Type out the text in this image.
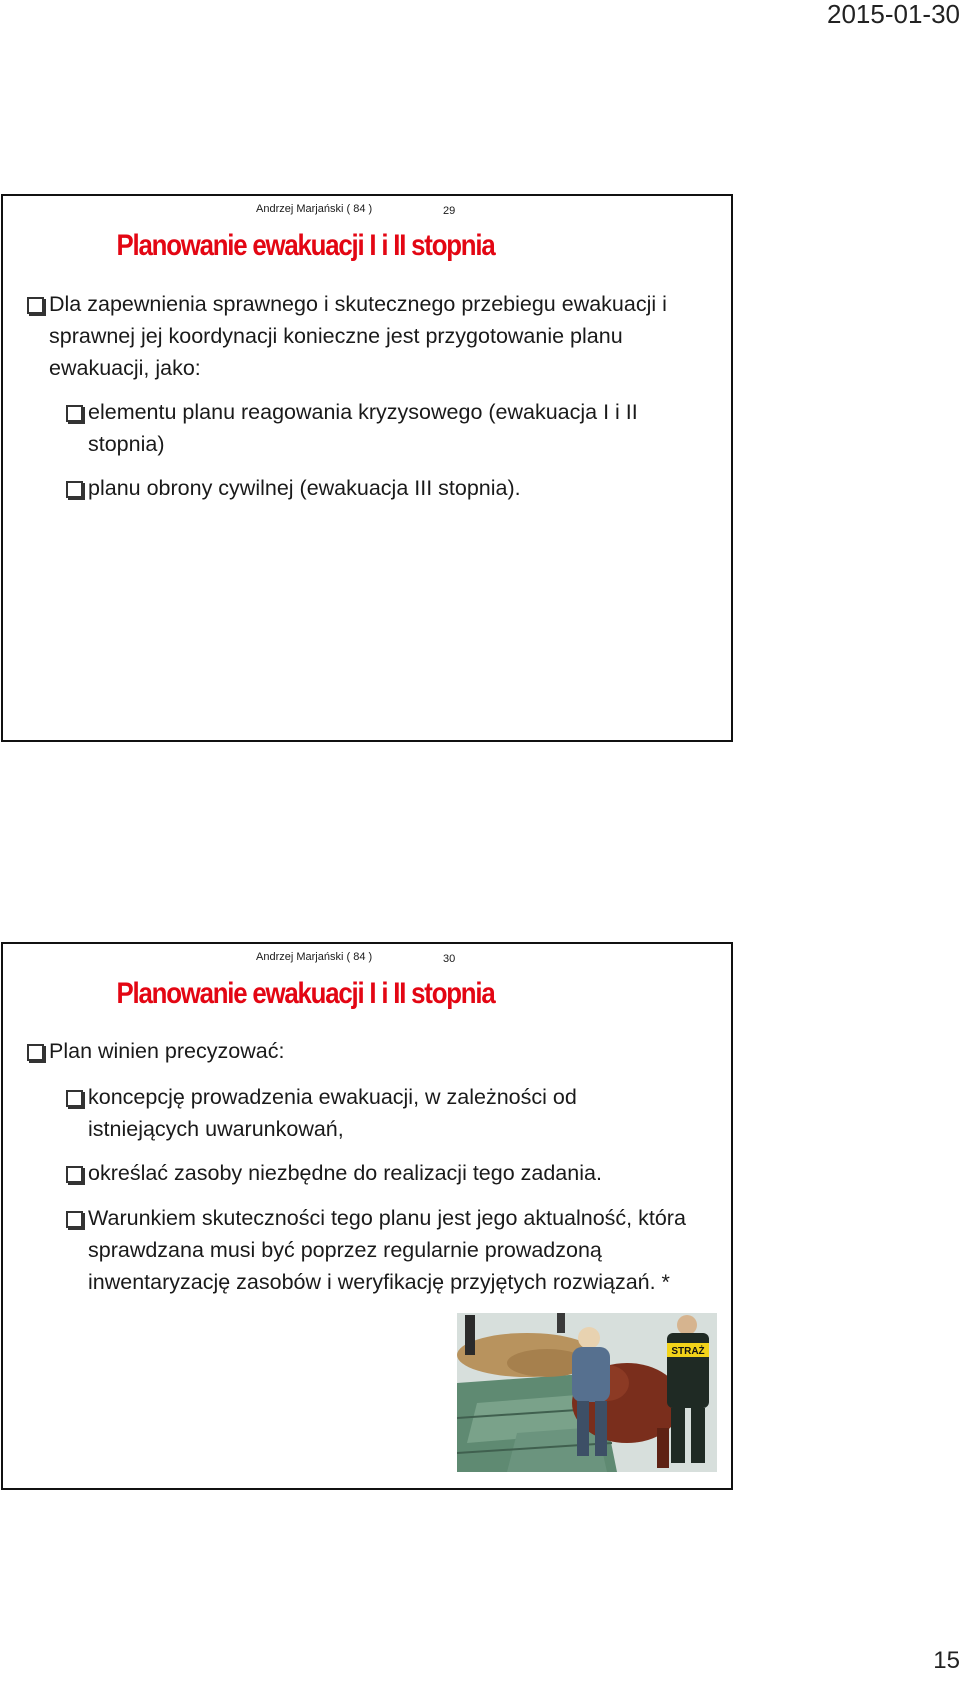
2015-01-30
Andrzej Marjański ( 84 )	29
Planowanie ewakuacji I i II stopnia
Dla zapewnienia sprawnego i skutecznego przebiegu ewakuacji i sprawnej jej koordynacji konieczne jest przygotowanie planu ewakuacji, jako:
elementu planu reagowania kryzysowego (ewakuacja I i II stopnia)
planu obrony cywilnej (ewakuacja III stopnia).
Andrzej Marjański ( 84 )	30
Planowanie ewakuacji I i II stopnia
Plan winien precyzować:
koncepcję prowadzenia ewakuacji, w zależności od istniejących uwarunkowań,
określać zasoby niezbędne do realizacji tego zadania.
Warunkiem skuteczności tego planu jest jego aktualność, która sprawdzana musi być poprzez regularnie prowadzoną inwentaryzację zasobów i weryfikację przyjętych rozwiązań. *
STRAŻ
15
